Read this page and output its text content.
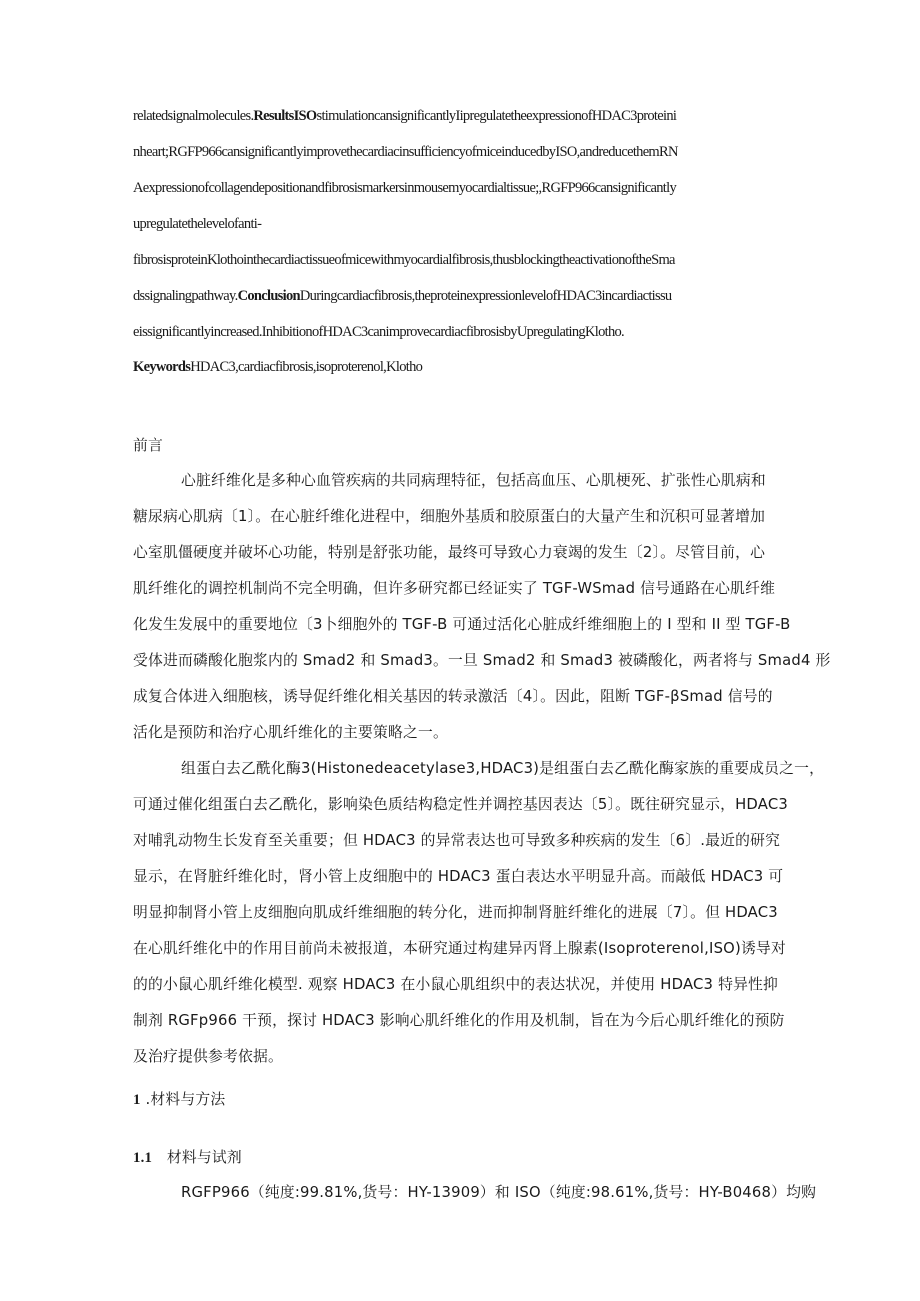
relatedsignalmolecules.ResultsISOstimulationcansignificantlyIipregulatetheexpressionofHDAC3proteini
nheart;RGFP966cansignificantlyimprovethecardiacinsufficiencyofmiceinducedbyISO,andreducethemRN
Aexpressionofcollagendepositionandfibrosismarkersinmousemyocardialtissue;,RGFP966cansignificantly
upregulatethelevelofanti-
fibrosisproteinKlothointhecardiactissueofmicewithmyocardialfibrosis,thusblockingtheactivationoftheSma
dssignalingpathway.ConclusionDuringcardiacfibrosis,theproteinexpressionlevelofHDAC3incardiactissu
eissignificantlyincreased.InhibitionofHDAC3canimprovecardiacfibrosisbyUpregulatingKlotho.
KeywordsHDAC3,cardiacfibrosis,isoproterenol,Klotho
前言
心脏纤维化是多种心血管疾病的共同病理特征，包括高血压、心肌梗死、扩张性心肌病和
糖尿病心肌病〔1〕。在心脏纤维化进程中，细胞外基质和胶原蛋白的大量产生和沉积可显著增加
心室肌僵硬度并破坏心功能，特别是舒张功能，最终可导致心力衰竭的发生〔2〕。尽管目前，心
肌纤维化的调控机制尚不完全明确，但许多研究都已经证实了 TGF-WSmad 信号通路在心肌纤维
化发生发展中的重要地位〔3卜细胞外的 TGF-B 可通过活化心脏成纤维细胞上的 I 型和 II 型 TGF-B
受体进而磷酸化胞浆内的 Smad2 和 Smad3。一旦 Smad2 和 Smad3 被磷酸化，两者将与 Smad4 形
成复合体进入细胞核，诱导促纤维化相关基因的转录激活〔4〕。因此，阻断 TGF-βSmad 信号的
活化是预防和治疗心肌纤维化的主要策略之一。
组蛋白去乙酰化酶3(Histonedeacetylase3,HDAC3)是组蛋白去乙酰化酶家族的重要成员之一，
可通过催化组蛋白去乙酰化，影响染色质结构稳定性并调控基因表达〔5〕。既往研究显示，HDAC3
对哺乳动物生长发育至关重要；但 HDAC3 的异常表达也可导致多种疾病的发生〔6〕.最近的研究
显示，在肾脏纤维化时，肾小管上皮细胞中的 HDAC3 蛋白表达水平明显升高。而敲低 HDAC3 可
明显抑制肾小管上皮细胞向肌成纤维细胞的转分化，进而抑制肾脏纤维化的进展〔7〕。但 HDAC3
在心肌纤维化中的作用目前尚未被报道，本研究通过构建异丙肾上腺素(Isoproterenol,ISO)诱导对
的的小鼠心肌纤维化模型. 观察 HDAC3 在小鼠心肌组织中的表达状况，并使用 HDAC3 特异性抑
制剂 RGFp966 干预，探讨 HDAC3 影响心肌纤维化的作用及机制，旨在为今后心肌纤维化的预防
及治疗提供参考依据。
1 .材料与方法
1.1 材料与试剂
RGFP966（纯度:99.81%,货号：HY-13909）和 ISO（纯度:98.61%,货号：HY-B0468）均购
